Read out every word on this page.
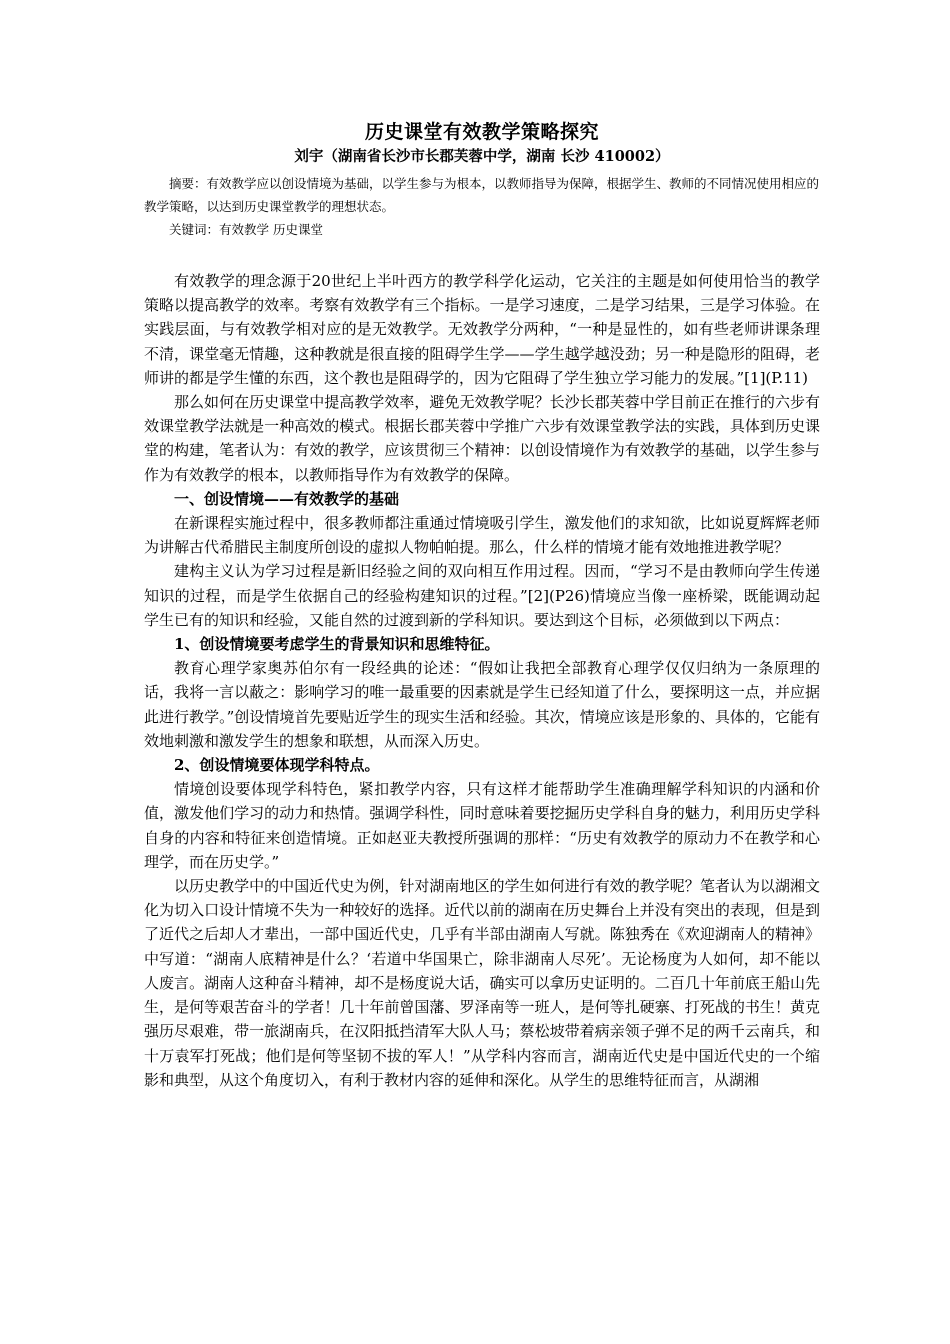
历史课堂有效教学策略探究
刘宇（湖南省长沙市长郡芙蓉中学，湖南 长沙 410002）

摘要：有效教学应以创设情境为基础，以学生参与为根本，以教师指导为保障，根据学生、教师的不同情况使用相应的教学策略，以达到历史课堂教学的理想状态。

关键词：有效教学 历史课堂

有效教学的理念源于20世纪上半叶西方的教学科学化运动，它关注的主题是如何使用恰当的教学策略以提高教学的效率。考察有效教学有三个指标。一是学习速度，二是学习结果，三是学习体验。在实践层面，与有效教学相对应的是无效教学。无效教学分两种，“一种是显性的，如有些老师讲课条理不清，课堂毫无情趣，这种教就是很直接的阻碍学生学——学生越学越没劲；另一种是隐形的阻碍，老师讲的都是学生懂的东西，这个教也是阻碍学的，因为它阻碍了学生独立学习能力的发展。”[1](P.11)

那么如何在历史课堂中提高教学效率，避免无效教学呢？长沙长郡芙蓉中学目前正在推行的六步有效课堂教学法就是一种高效的模式。根据长郡芙蓉中学推广六步有效课堂教学法的实践，具体到历史课堂的构建，笔者认为：有效的教学，应该贯彻三个精神：以创设情境作为有效教学的基础，以学生参与作为有效教学的根本，以教师指导作为有效教学的保障。

一、创设情境——有效教学的基础

在新课程实施过程中，很多教师都注重通过情境吸引学生，激发他们的求知欲，比如说夏辉辉老师为讲解古代希腊民主制度所创设的虚拟人物帕帕提。那么，什么样的情境才能有效地推进教学呢？

建构主义认为学习过程是新旧经验之间的双向相互作用过程。因而，“学习不是由教师向学生传递知识的过程，而是学生依据自己的经验构建知识的过程。”[2](P26)情境应当像一座桥梁，既能调动起学生已有的知识和经验，又能自然的过渡到新的学科知识。要达到这个目标，必须做到以下两点：

1、创设情境要考虑学生的背景知识和思维特征。

教育心理学家奥苏伯尔有一段经典的论述：“假如让我把全部教育心理学仅仅归纳为一条原理的话，我将一言以蔽之：影响学习的唯一最重要的因素就是学生已经知道了什么，要探明这一点，并应据此进行教学。”创设情境首先要贴近学生的现实生活和经验。其次，情境应该是形象的、具体的，它能有效地刺激和激发学生的想象和联想，从而深入历史。

2、创设情境要体现学科特点。

情境创设要体现学科特色，紧扣教学内容，只有这样才能帮助学生准确理解学科知识的内涵和价值，激发他们学习的动力和热情。强调学科性，同时意味着要挖掘历史学科自身的魅力，利用历史学科自身的内容和特征来创造情境。正如赵亚夫教授所强调的那样：“历史有效教学的原动力不在教学和心理学，而在历史学。”

以历史教学中的中国近代史为例，针对湖南地区的学生如何进行有效的教学呢？笔者认为以湖湘文化为切入口设计情境不失为一种较好的选择。近代以前的湖南在历史舞台上并没有突出的表现，但是到了近代之后却人才辈出，一部中国近代史，几乎有半部由湖南人写就。陈独秀在《欢迎湖南人的精神》中写道：“湖南人底精神是什么？‘若道中华国果亡，除非湖南人尽死’。无论杨度为人如何，却不能以人废言。湖南人这种奋斗精神，却不是杨度说大话，确实可以拿历史证明的。二百几十年前底王船山先生，是何等艰苦奋斗的学者！几十年前曾国藩、罗泽南等一班人，是何等扎硬寨、打死战的书生！黄克强历尽艰难，带一旅湖南兵，在汉阳抵挡清军大队人马；蔡松坡带着病亲领子弹不足的两千云南兵，和十万袁军打死战；他们是何等坚韧不拔的军人！”从学科内容而言，湖南近代史是中国近代史的一个缩影和典型，从这个角度切入，有利于教材内容的延伸和深化。从学生的思维特征而言，从湖湘
